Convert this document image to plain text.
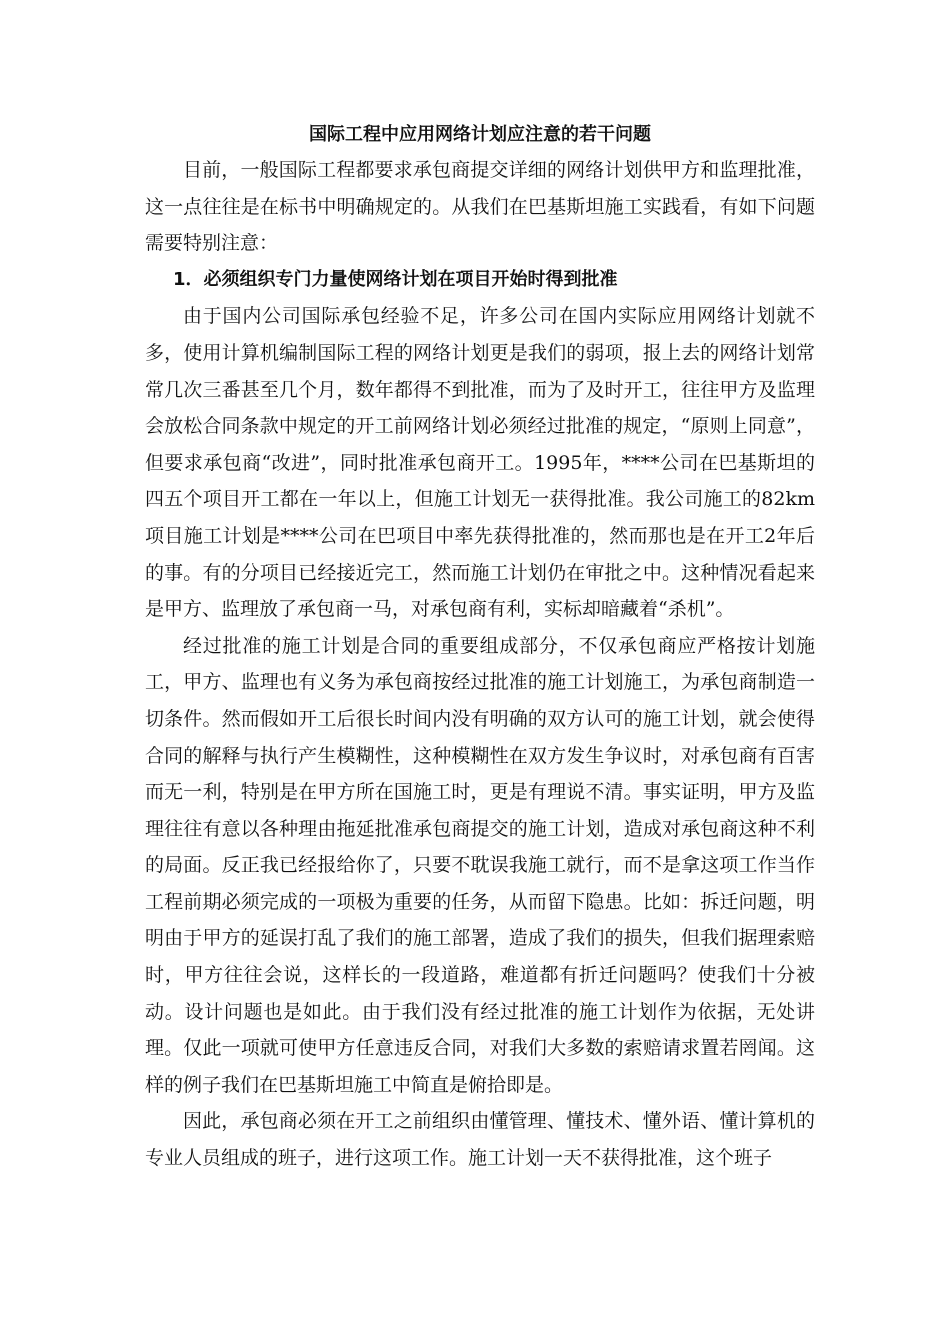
国际工程中应用网络计划应注意的若干问题

目前，一般国际工程都要求承包商提交详细的网络计划供甲方和监理批准，这一点往往是在标书中明确规定的。从我们在巴基斯坦施工实践看，有如下问题需要特别注意：

1．必须组织专门力量使网络计划在项目开始时得到批准

由于国内公司国际承包经验不足，许多公司在国内实际应用网络计划就不多，使用计算机编制国际工程的网络计划更是我们的弱项，报上去的网络计划常常几次三番甚至几个月，数年都得不到批准，而为了及时开工，往往甲方及监理会放松合同条款中规定的开工前网络计划必须经过批准的规定，“原则上同意”，但要求承包商“改进”，同时批准承包商开工。1995年，****公司在巴基斯坦的四五个项目开工都在一年以上，但施工计划无一获得批准。我公司施工的82km项目施工计划是****公司在巴项目中率先获得批准的，然而那也是在开工2年后的事。有的分项目已经接近完工，然而施工计划仍在审批之中。这种情况看起来是甲方、监理放了承包商一马，对承包商有利，实标却暗藏着“杀机”。

经过批准的施工计划是合同的重要组成部分，不仅承包商应严格按计划施工，甲方、监理也有义务为承包商按经过批准的施工计划施工，为承包商制造一切条件。然而假如开工后很长时间内没有明确的双方认可的施工计划，就会使得合同的解释与执行产生模糊性，这种模糊性在双方发生争议时，对承包商有百害而无一利，特别是在甲方所在国施工时，更是有理说不清。事实证明，甲方及监理往往有意以各种理由拖延批准承包商提交的施工计划，造成对承包商这种不利的局面。反正我已经报给你了，只要不耽误我施工就行，而不是拿这项工作当作工程前期必须完成的一项极为重要的任务，从而留下隐患。比如：拆迁问题，明明由于甲方的延误打乱了我们的施工部署，造成了我们的损失，但我们据理索赔时，甲方往往会说，这样长的一段道路，难道都有折迁问题吗？使我们十分被动。设计问题也是如此。由于我们没有经过批准的施工计划作为依据，无处讲理。仅此一项就可使甲方任意违反合同，对我们大多数的索赔请求置若罔闻。这样的例子我们在巴基斯坦施工中简直是俯拾即是。

因此，承包商必须在开工之前组织由懂管理、懂技术、懂外语、懂计算机的专业人员组成的班子，进行这项工作。施工计划一天不获得批准，这个班子
